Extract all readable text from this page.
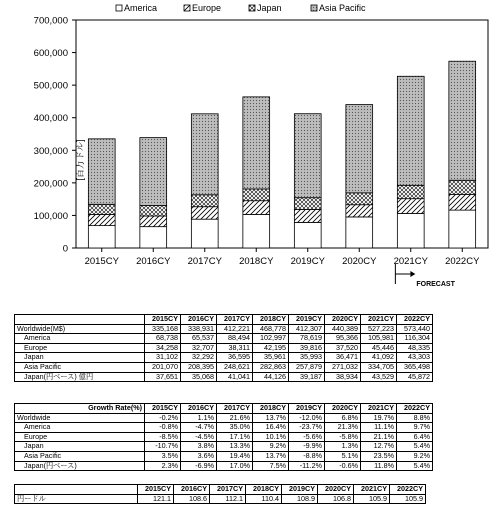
America	Europe	Japan	Asia Pacific
[百万ドル]
0
100,000
200,000
300,000
400,000
500,000
600,000
700,000
2015CY 2016CY 2017CY 2018CY 2019CY 2020CY 2021CY 2022CY
FORECAST
	2015CY	2016CY	2017CY	2018CY	2019CY	2020CY	2021CY	2022CY
Worldwide(M$)	335,168	338,931	412,221	468,778	412,307	440,389	527,223	573,440
America	68,738	65,537	88,494	102,997	78,619	95,366	105,981	116,304
Europe	34,258	32,707	38,311	42,195	39,816	37,520	45,446	48,335
Japan	31,102	32,292	36,595	35,961	35,993	36,471	41,092	43,303
Asia Pacific	201,070	208,395	248,621	282,863	257,879	271,032	334,705	365,498
Japan(円ベース) 億円	37,651	35,068	41,041	44,126	39,187	38,934	43,529	45,872
Growth Rate(%)	2015CY	2016CY	2017CY	2018CY	2019CY	2020CY	2021CY	2022CY
Worldwide	-0.2%	1.1%	21.6%	13.7%	-12.0%	6.8%	19.7%	8.8%
America	-0.8%	-4.7%	35.0%	16.4%	-23.7%	21.3%	11.1%	9.7%
Europe	-8.5%	-4.5%	17.1%	10.1%	-5.6%	-5.8%	21.1%	6.4%
Japan	-10.7%	3.8%	13.3%	9.2%	-9.9%	1.3%	12.7%	5.4%
Asia Pacific	3.5%	3.6%	19.4%	13.7%	-8.8%	5.1%	23.5%	9.2%
Japan(円ベース)	2.3%	-6.9%	17.0%	7.5%	-11.2%	-0.6%	11.8%	5.4%
	2015CY	2016CY	2017CY	2018CY	2019CY	2020CY	2021CY	2022CY
円ードル	121.1	108.6	112.1	110.4	108.9	106.8	105.9	105.9
